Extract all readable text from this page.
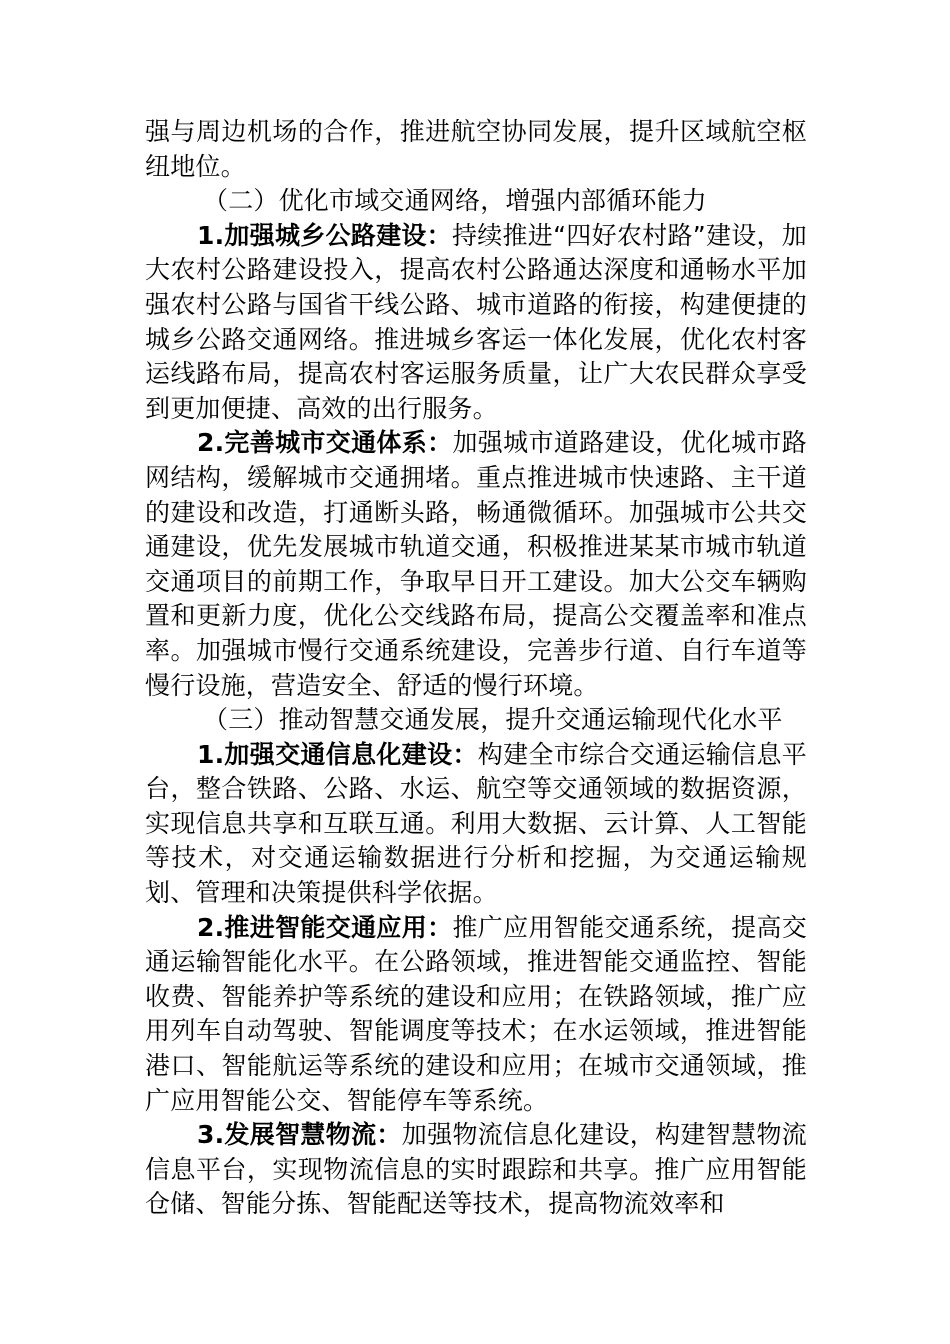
强与周边机场的合作，推进航空协同发展，提升区域航空枢纽地位。

（二）优化市域交通网络，增强内部循环能力

1.加强城乡公路建设：持续推进“四好农村路”建设，加大农村公路建设投入，提高农村公路通达深度和通畅水平加强农村公路与国省干线公路、城市道路的衔接，构建便捷的城乡公路交通网络。推进城乡客运一体化发展，优化农村客运线路布局，提高农村客运服务质量，让广大农民群众享受到更加便捷、高效的出行服务。

2.完善城市交通体系：加强城市道路建设，优化城市路网结构，缓解城市交通拥堵。重点推进城市快速路、主干道的建设和改造，打通断头路，畅通微循环。加强城市公共交通建设，优先发展城市轨道交通，积极推进某某市城市轨道交通项目的前期工作，争取早日开工建设。加大公交车辆购置和更新力度，优化公交线路布局，提高公交覆盖率和准点率。加强城市慢行交通系统建设，完善步行道、自行车道等慢行设施，营造安全、舒适的慢行环境。

（三）推动智慧交通发展，提升交通运输现代化水平

1.加强交通信息化建设：构建全市综合交通运输信息平台，整合铁路、公路、水运、航空等交通领域的数据资源，实现信息共享和互联互通。利用大数据、云计算、人工智能等技术，对交通运输数据进行分析和挖掘，为交通运输规划、管理和决策提供科学依据。

2.推进智能交通应用：推广应用智能交通系统，提高交通运输智能化水平。在公路领域，推进智能交通监控、智能收费、智能养护等系统的建设和应用；在铁路领域，推广应用列车自动驾驶、智能调度等技术；在水运领域，推进智能港口、智能航运等系统的建设和应用；在城市交通领域，推广应用智能公交、智能停车等系统。

3.发展智慧物流：加强物流信息化建设，构建智慧物流信息平台，实现物流信息的实时跟踪和共享。推广应用智能仓储、智能分拣、智能配送等技术，提高物流效率和
